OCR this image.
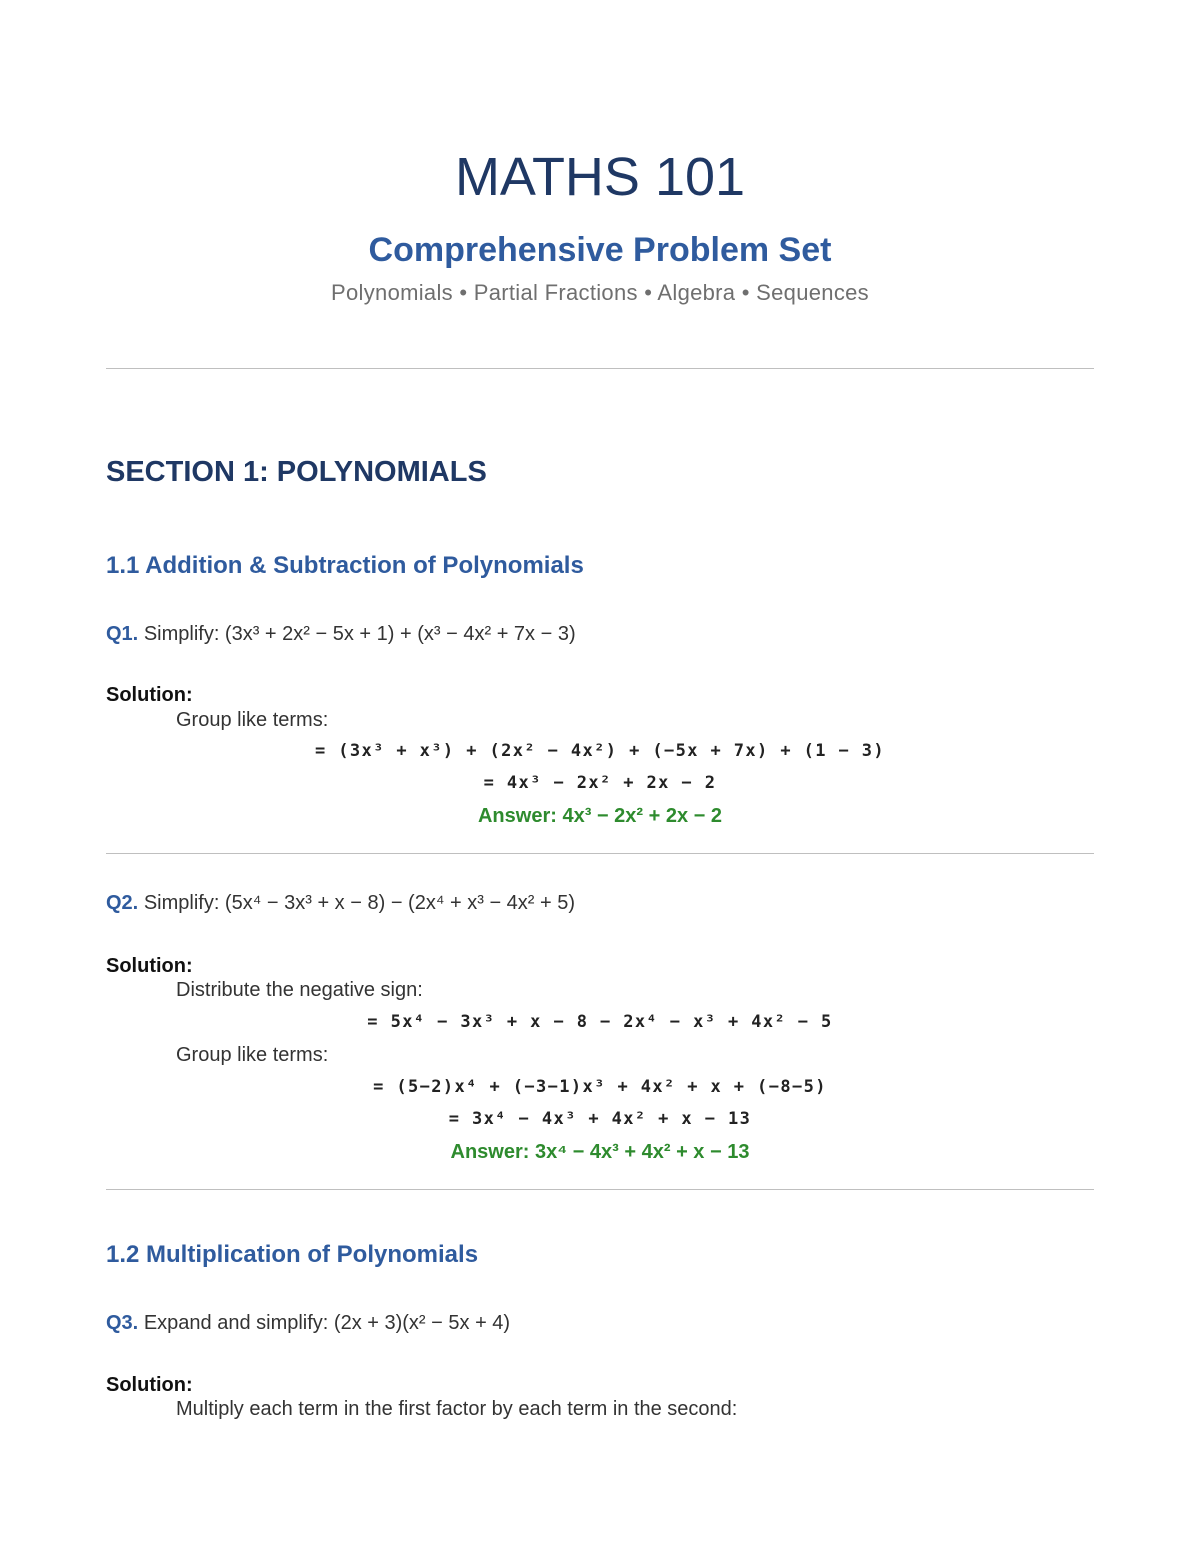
MATHS 101
Comprehensive Problem Set
Polynomials • Partial Fractions • Algebra • Sequences
SECTION 1: POLYNOMIALS
1.1 Addition & Subtraction of Polynomials
Q1. Simplify: (3x³ + 2x² − 5x + 1) + (x³ − 4x² + 7x − 3)
Solution:
Group like terms:
= (3x³ + x³) + (2x² − 4x²) + (−5x + 7x) + (1 − 3)
= 4x³ − 2x² + 2x − 2
Answer: 4x³ − 2x² + 2x − 2
Q2. Simplify: (5x⁴ − 3x³ + x − 8) − (2x⁴ + x³ − 4x² + 5)
Solution:
Distribute the negative sign:
= 5x⁴ − 3x³ + x − 8 − 2x⁴ − x³ + 4x² − 5
Group like terms:
= (5−2)x⁴ + (−3−1)x³ + 4x² + x + (−8−5)
= 3x⁴ − 4x³ + 4x² + x − 13
Answer: 3x⁴ − 4x³ + 4x² + x − 13
1.2 Multiplication of Polynomials
Q3. Expand and simplify: (2x + 3)(x² − 5x + 4)
Solution:
Multiply each term in the first factor by each term in the second:
